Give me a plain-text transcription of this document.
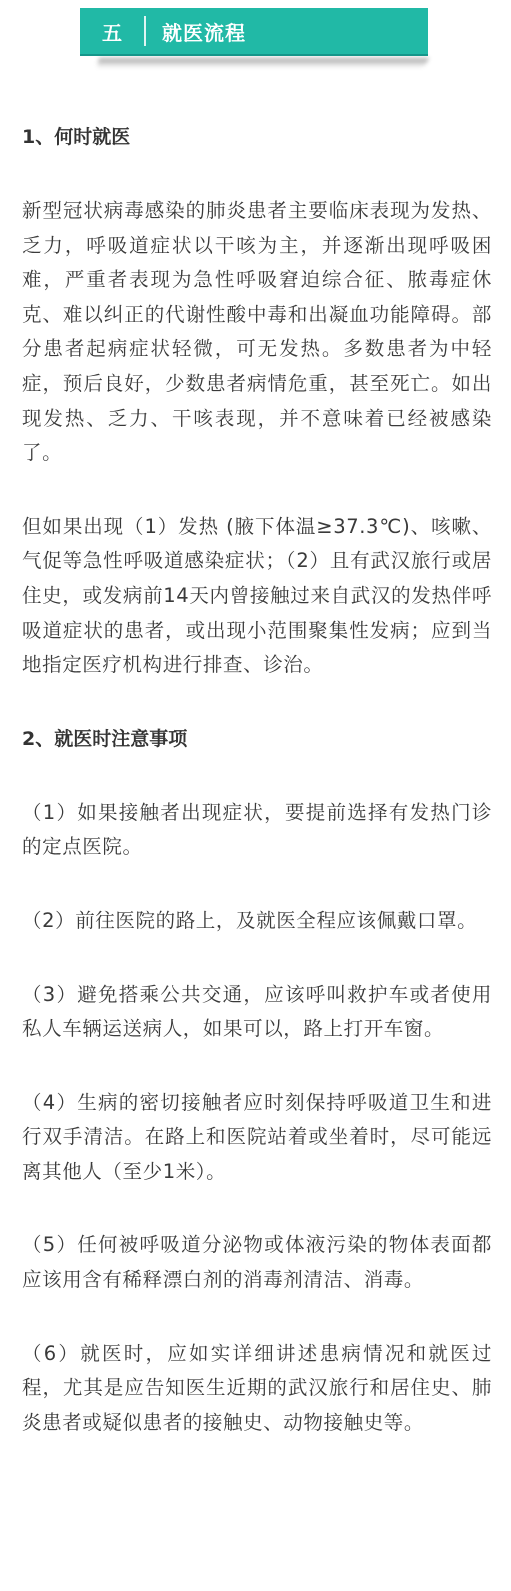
五	就医流程
1、何时就医

新型冠状病毒感染的肺炎患者主要临床表现为发热、乏力，呼吸道症状以干咳为主，并逐渐出现呼吸困难，严重者表现为急性呼吸窘迫综合征、脓毒症休克、难以纠正的代谢性酸中毒和出凝血功能障碍。部分患者起病症状轻微，可无发热。多数患者为中轻症，预后良好，少数患者病情危重，甚至死亡。如出现发热、乏力、干咳表现，并不意味着已经被感染了。

但如果出现（1）发热 (腋下体温≥37.3℃)、咳嗽、气促等急性呼吸道感染症状；（2）且有武汉旅行或居住史，或发病前14天内曾接触过来自武汉的发热伴呼吸道症状的患者，或出现小范围聚集性发病；应到当地指定医疗机构进行排查、诊治。

2、就医时注意事项

（1）如果接触者出现症状，要提前选择有发热门诊的定点医院。

（2）前往医院的路上，及就医全程应该佩戴口罩。

（3）避免搭乘公共交通，应该呼叫救护车或者使用私人车辆运送病人，如果可以，路上打开车窗。

（4）生病的密切接触者应时刻保持呼吸道卫生和进行双手清洁。在路上和医院站着或坐着时，尽可能远离其他人（至少1米）。

（5）任何被呼吸道分泌物或体液污染的物体表面都应该用含有稀释漂白剂的消毒剂清洁、消毒。

（6）就医时，应如实详细讲述患病情况和就医过程，尤其是应告知医生近期的武汉旅行和居住史、肺炎患者或疑似患者的接触史、动物接触史等。
